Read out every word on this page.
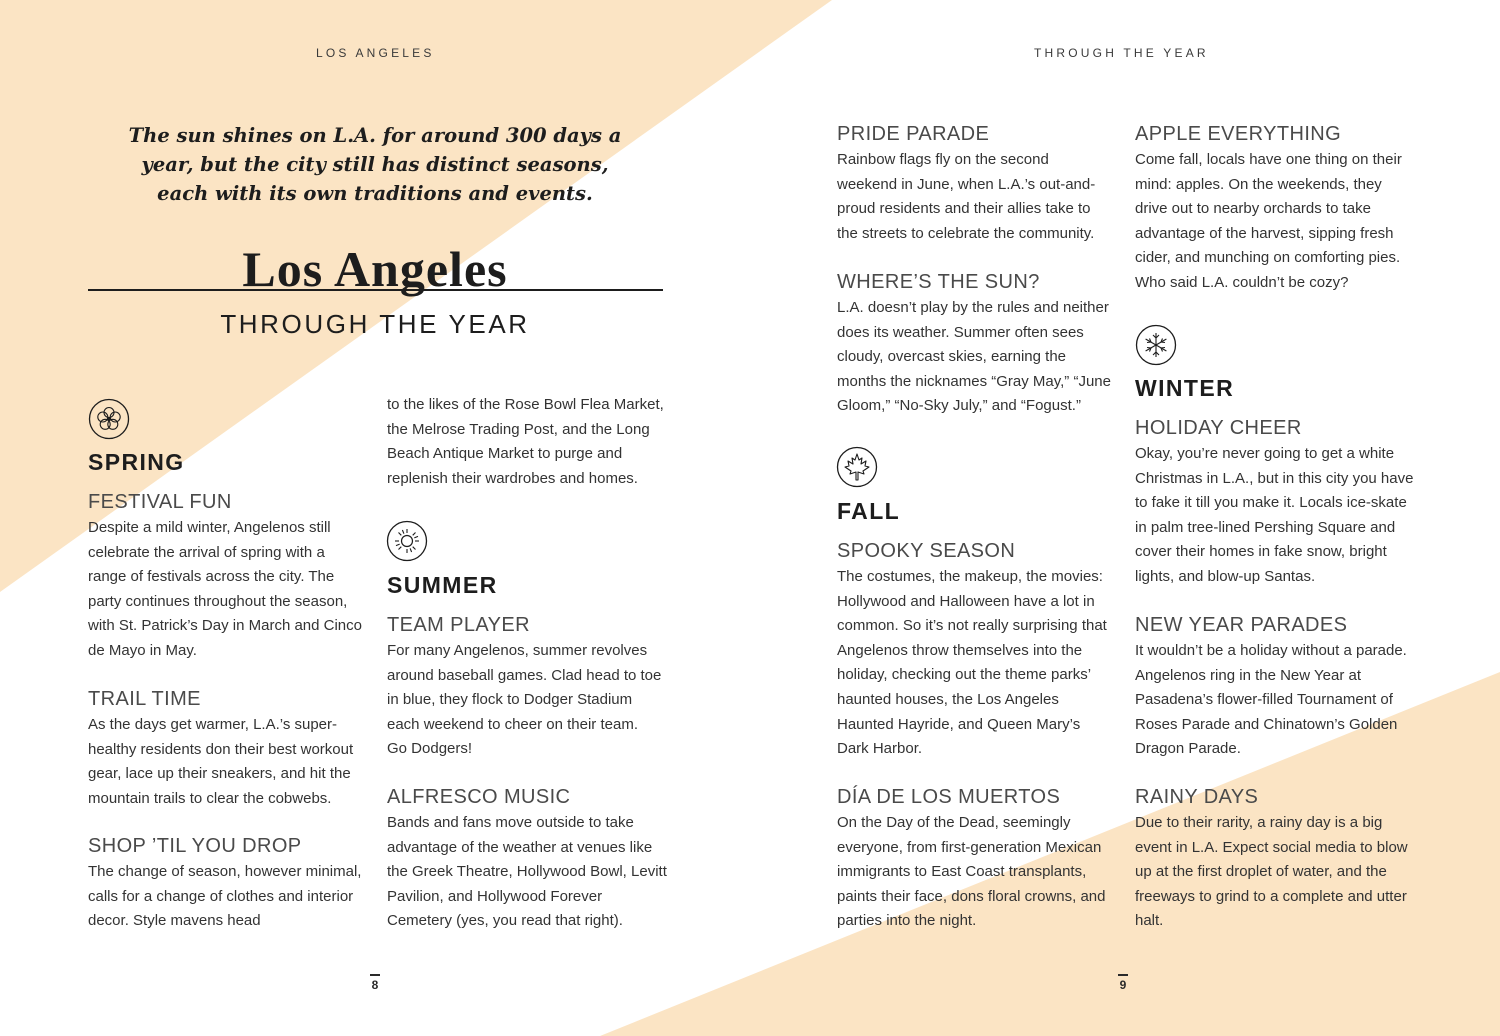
LOS ANGELES	THROUGH THE YEAR
The sun shines on L.A. for around 300 days a year, but the city still has distinct seasons, each with its own traditions and events.
Los Angeles
THROUGH THE YEAR
SPRING
FESTIVAL FUN
Despite a mild winter, Angelenos still celebrate the arrival of spring with a range of festivals across the city. The party continues throughout the season, with St. Patrick’s Day in March and Cinco de Mayo in May.
TRAIL TIME
As the days get warmer, L.A.’s super-healthy residents don their best workout gear, lace up their sneakers, and hit the mountain trails to clear the cobwebs.
SHOP ’TIL YOU DROP
The change of season, however minimal, calls for a change of clothes and interior decor. Style mavens head
to the likes of the Rose Bowl Flea Market, the Melrose Trading Post, and the Long Beach Antique Market to purge and replenish their wardrobes and homes.
SUMMER
TEAM PLAYER
For many Angelenos, summer revolves around baseball games. Clad head to toe in blue, they flock to Dodger Stadium each weekend to cheer on their team. Go Dodgers!
ALFRESCO MUSIC
Bands and fans move outside to take advantage of the weather at venues like the Greek Theatre, Hollywood Bowl, Levitt Pavilion, and Hollywood Forever Cemetery (yes, you read that right).
PRIDE PARADE
Rainbow flags fly on the second weekend in June, when L.A.’s out-and-proud residents and their allies take to the streets to celebrate the community.
WHERE’S THE SUN?
L.A. doesn’t play by the rules and neither does its weather. Summer often sees cloudy, overcast skies, earning the months the nicknames “Gray May,” “June Gloom,” “No-Sky July,” and “Fogust.”
FALL
SPOOKY SEASON
The costumes, the makeup, the movies: Hollywood and Halloween have a lot in common. So it’s not really surprising that Angelenos throw themselves into the holiday, checking out the theme parks’ haunted houses, the Los Angeles Haunted Hayride, and Queen Mary’s Dark Harbor.
DÍA DE LOS MUERTOS
On the Day of the Dead, seemingly everyone, from first-generation Mexican immigrants to East Coast transplants, paints their face, dons floral crowns, and parties into the night.
APPLE EVERYTHING
Come fall, locals have one thing on their mind: apples. On the weekends, they drive out to nearby orchards to take advantage of the harvest, sipping fresh cider, and munching on comforting pies. Who said L.A. couldn’t be cozy?
WINTER
HOLIDAY CHEER
Okay, you’re never going to get a white Christmas in L.A., but in this city you have to fake it till you make it. Locals ice-skate in palm tree-lined Pershing Square and cover their homes in fake snow, bright lights, and blow-up Santas.
NEW YEAR PARADES
It wouldn’t be a holiday without a parade. Angelenos ring in the New Year at Pasadena’s flower-filled Tournament of Roses Parade and Chinatown’s Golden Dragon Parade.
RAINY DAYS
Due to their rarity, a rainy day is a big event in L.A. Expect social media to blow up at the first droplet of water, and the freeways to grind to a complete and utter halt.
8	9
